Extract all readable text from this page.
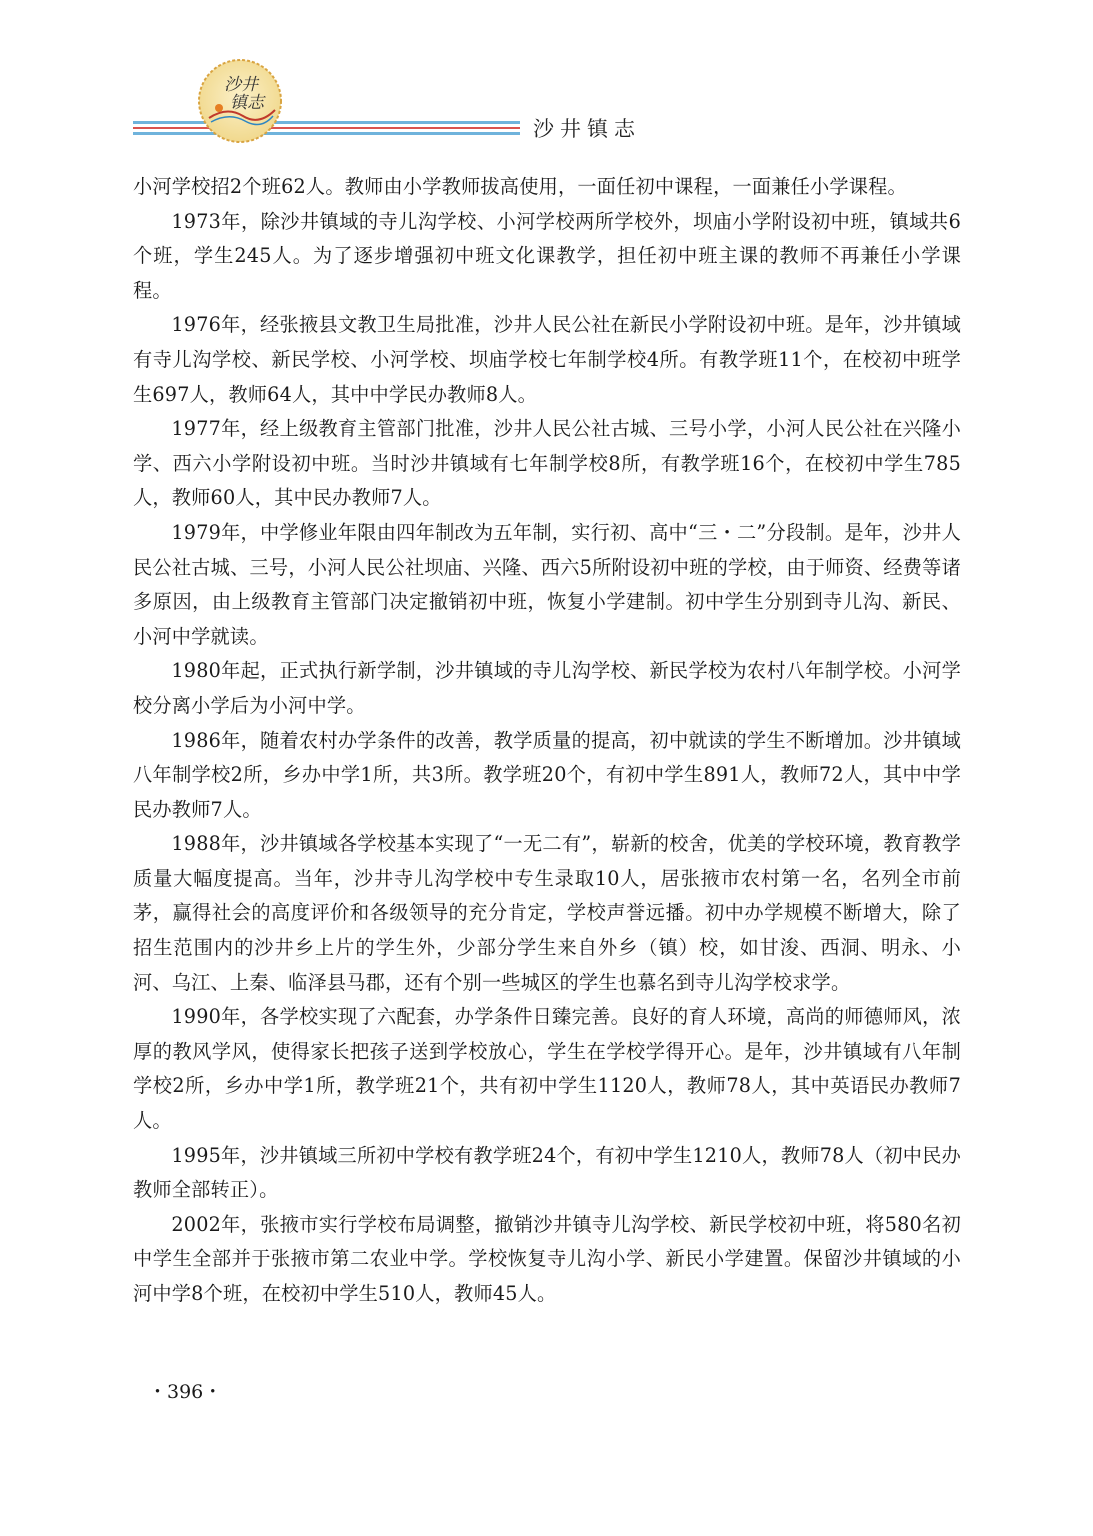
沙井
镇志
沙井镇志

小河学校招2个班62人。教师由小学教师拔高使用，一面任初中课程，一面兼任小学课程。

1973年，除沙井镇域的寺儿沟学校、小河学校两所学校外，坝庙小学附设初中班，镇域共6个班，学生245人。为了逐步增强初中班文化课教学，担任初中班主课的教师不再兼任小学课程。

1976年，经张掖县文教卫生局批准，沙井人民公社在新民小学附设初中班。是年，沙井镇域有寺儿沟学校、新民学校、小河学校、坝庙学校七年制学校4所。有教学班11个，在校初中班学生697人，教师64人，其中中学民办教师8人。

1977年，经上级教育主管部门批准，沙井人民公社古城、三号小学，小河人民公社在兴隆小学、西六小学附设初中班。当时沙井镇域有七年制学校8所，有教学班16个，在校初中学生785人，教师60人，其中民办教师7人。

1979年，中学修业年限由四年制改为五年制，实行初、高中“三・二”分段制。是年，沙井人民公社古城、三号，小河人民公社坝庙、兴隆、西六5所附设初中班的学校，由于师资、经费等诸多原因，由上级教育主管部门决定撤销初中班，恢复小学建制。初中学生分别到寺儿沟、新民、小河中学就读。

1980年起，正式执行新学制，沙井镇域的寺儿沟学校、新民学校为农村八年制学校。小河学校分离小学后为小河中学。

1986年，随着农村办学条件的改善，教学质量的提高，初中就读的学生不断增加。沙井镇域八年制学校2所，乡办中学1所，共3所。教学班20个，有初中学生891人，教师72人，其中中学民办教师7人。

1988年，沙井镇域各学校基本实现了“一无二有”，崭新的校舍，优美的学校环境，教育教学质量大幅度提高。当年，沙井寺儿沟学校中专生录取10人，居张掖市农村第一名，名列全市前茅，赢得社会的高度评价和各级领导的充分肯定，学校声誉远播。初中办学规模不断增大，除了招生范围内的沙井乡上片的学生外，少部分学生来自外乡（镇）校，如甘浚、西洞、明永、小河、乌江、上秦、临泽县马郡，还有个别一些城区的学生也慕名到寺儿沟学校求学。

1990年，各学校实现了六配套，办学条件日臻完善。良好的育人环境，高尚的师德师风，浓厚的教风学风，使得家长把孩子送到学校放心，学生在学校学得开心。是年，沙井镇域有八年制学校2所，乡办中学1所，教学班21个，共有初中学生1120人，教师78人，其中英语民办教师7人。

1995年，沙井镇域三所初中学校有教学班24个，有初中学生1210人，教师78人（初中民办教师全部转正）。

2002年，张掖市实行学校布局调整，撤销沙井镇寺儿沟学校、新民学校初中班，将580名初中学生全部并于张掖市第二农业中学。学校恢复寺儿沟小学、新民小学建置。保留沙井镇域的小河中学8个班，在校初中学生510人，教师45人。

・396・
